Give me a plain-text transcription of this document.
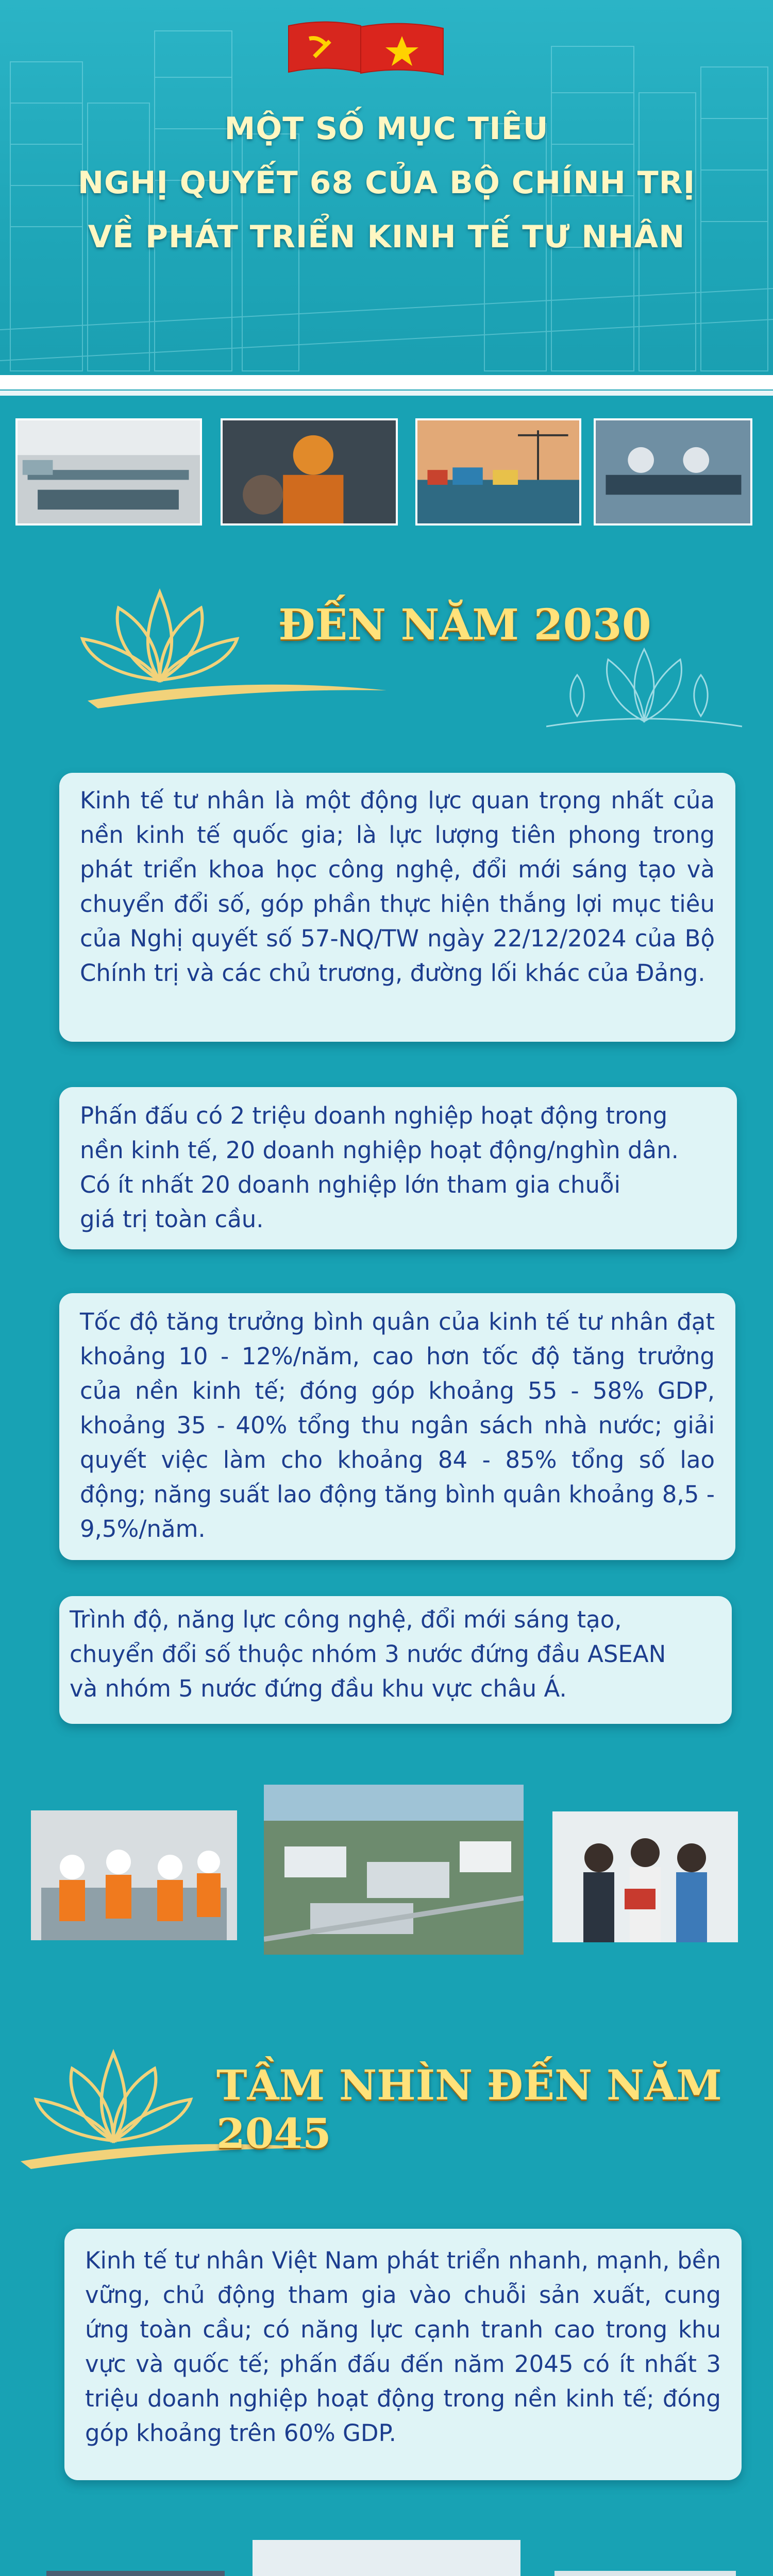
MỘT SỐ MỤC TIÊU
NGHỊ QUYẾT 68 CỦA BỘ CHÍNH TRỊ
VỀ PHÁT TRIỂN KINH TẾ TƯ NHÂN
ĐẾN NĂM 2030
Kinh tế tư nhân là một động lực quan trọng nhất của nền kinh tế quốc gia; là lực lượng tiên phong trong phát triển khoa học công nghệ, đổi mới sáng tạo và chuyển đổi số, góp phần thực hiện thắng lợi mục tiêu của Nghị quyết số 57-NQ/TW ngày 22/12/2024 của Bộ Chính trị và các chủ trương, đường lối khác của Đảng.
Phấn đấu có 2 triệu doanh nghiệp hoạt động trong
nền kinh tế, 20 doanh nghiệp hoạt động/nghìn dân.
Có ít nhất 20 doanh nghiệp lớn tham gia chuỗi
giá trị toàn cầu.
Tốc độ tăng trưởng bình quân của kinh tế tư nhân đạt khoảng 10 - 12%/năm, cao hơn tốc độ tăng trưởng của nền kinh tế; đóng góp khoảng 55 - 58% GDP, khoảng 35 - 40% tổng thu ngân sách nhà nước; giải quyết việc làm cho khoảng 84 - 85% tổng số lao động; năng suất lao động tăng bình quân khoảng 8,5 - 9,5%/năm.
Trình độ, năng lực công nghệ, đổi mới sáng tạo,
chuyển đổi số thuộc nhóm 3 nước đứng đầu ASEAN
và nhóm 5 nước đứng đầu khu vực châu Á.
TẦM NHÌN ĐẾN NĂM 2045
Kinh tế tư nhân Việt Nam phát triển nhanh, mạnh, bền vững, chủ động tham gia vào chuỗi sản xuất, cung ứng toàn cầu; có năng lực cạnh tranh cao trong khu vực và quốc tế; phấn đấu đến năm 2045 có ít nhất 3 triệu doanh nghiệp hoạt động trong nền kinh tế; đóng góp khoảng trên 60% GDP.
